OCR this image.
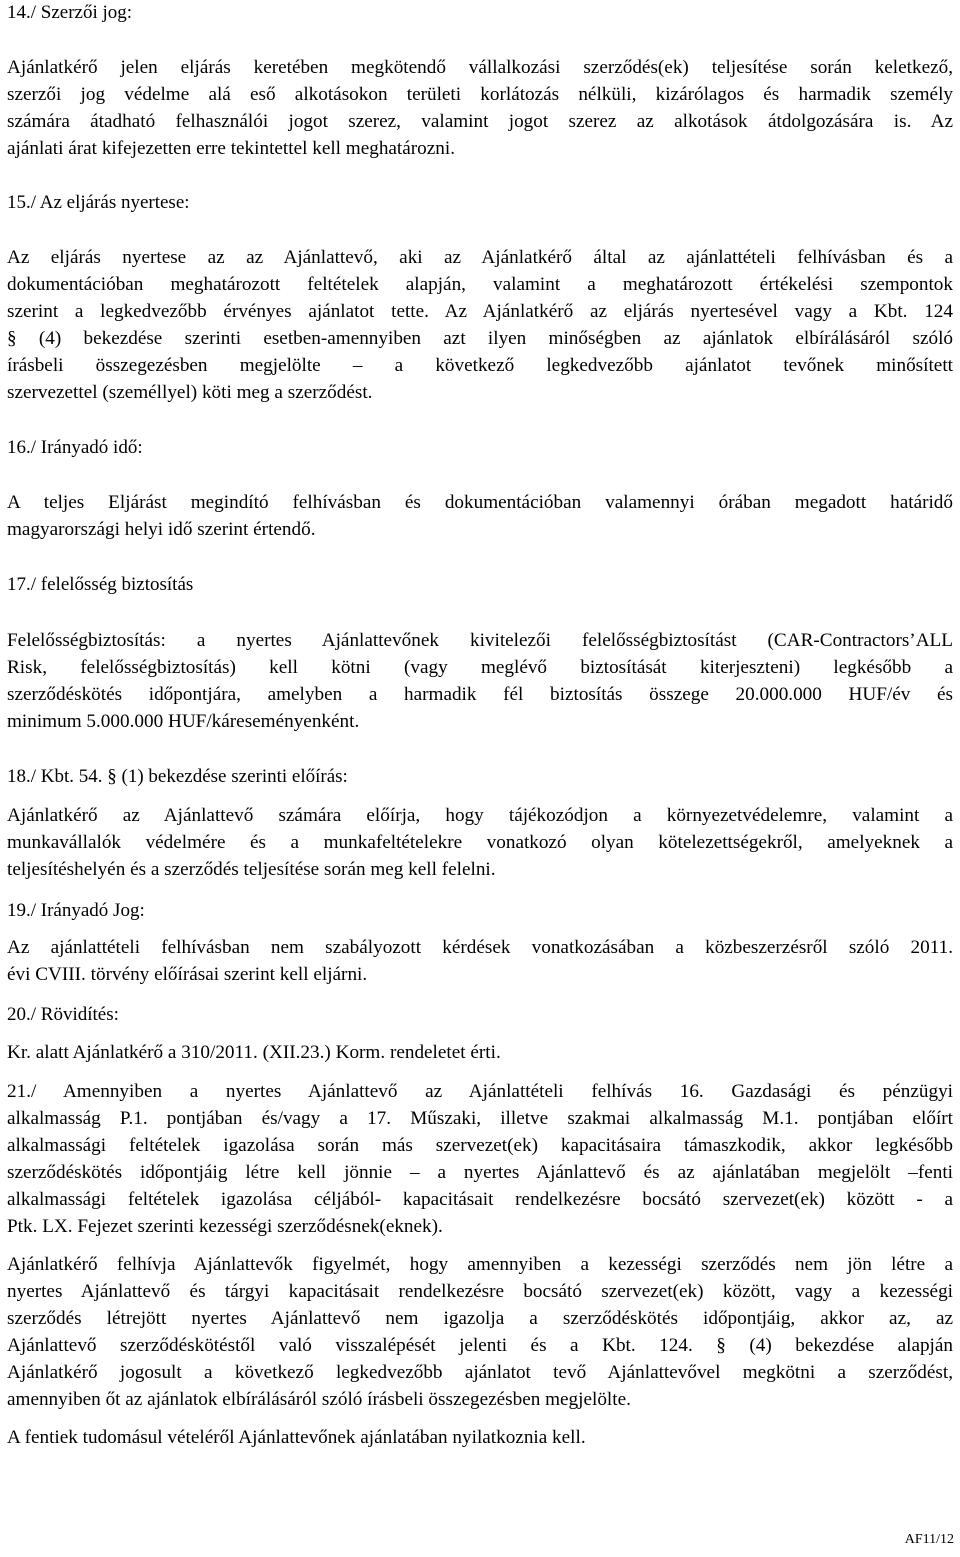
14./ Szerzői jog:
Ajánlatkérő jelen eljárás keretében megkötendő vállalkozási szerződés(ek) teljesítése során keletkező,
szerzői jog védelme alá eső alkotásokon területi korlátozás nélküli, kizárólagos és harmadik személy
számára átadható felhasználói jogot szerez, valamint jogot szerez az alkotások átdolgozására is. Az
ajánlati árat kifejezetten erre tekintettel kell meghatározni.
15./ Az eljárás nyertese:
Az eljárás nyertese az az Ajánlattevő, aki az Ajánlatkérő által az ajánlattételi felhívásban és a
dokumentációban meghatározott feltételek alapján, valamint a meghatározott értékelési szempontok
szerint a legkedvezőbb érvényes ajánlatot tette. Az Ajánlatkérő az eljárás nyertesével vagy a Kbt. 124
§ (4) bekezdése szerinti esetben-amennyiben azt ilyen minőségben az ajánlatok elbírálásáról szóló
írásbeli összegezésben megjelölte – a következő legkedvezőbb ajánlatot tevőnek minősített
szervezettel (személlyel) köti meg a szerződést.
16./ Irányadó idő:
A teljes Eljárást megindító felhívásban és dokumentációban valamennyi órában megadott határidő
magyarországi helyi idő szerint értendő.
17./ felelősség biztosítás
Felelősségbiztosítás: a nyertes Ajánlattevőnek kivitelezői felelősségbiztosítást (CAR-Contractors’ALL
Risk, felelősségbiztosítás) kell kötni (vagy meglévő biztosítását kiterjeszteni) legkésőbb a
szerződéskötés időpontjára, amelyben a harmadik fél biztosítás összege 20.000.000 HUF/év és
minimum 5.000.000 HUF/káreseményenként.
18./ Kbt. 54. § (1) bekezdése szerinti előírás:
Ajánlatkérő az Ajánlattevő számára előírja, hogy tájékozódjon a környezetvédelemre, valamint a
munkavállalók védelmére és a munkafeltételekre vonatkozó olyan kötelezettségekről, amelyeknek a
teljesítéshelyén és a szerződés teljesítése során meg kell felelni.
19./ Irányadó Jog:
Az ajánlattételi felhívásban nem szabályozott kérdések vonatkozásában a közbeszerzésről szóló 2011.
évi CVIII. törvény előírásai szerint kell eljárni.
20./ Rövidítés:
Kr. alatt Ajánlatkérő a 310/2011. (XII.23.) Korm. rendeletet érti.
21./ Amennyiben a nyertes Ajánlattevő az Ajánlattételi felhívás 16. Gazdasági és pénzügyi
alkalmasság P.1. pontjában és/vagy a 17. Műszaki, illetve szakmai alkalmasság M.1. pontjában előírt
alkalmassági feltételek igazolása során más szervezet(ek) kapacitásaira támaszkodik, akkor legkésőbb
szerződéskötés időpontjáig létre kell jönnie – a nyertes Ajánlattevő és az ajánlatában megjelölt –fenti
alkalmassági feltételek igazolása céljából- kapacitásait rendelkezésre bocsátó szervezet(ek) között - a
Ptk. LX. Fejezet szerinti kezességi szerződésnek(eknek).
Ajánlatkérő felhívja Ajánlattevők figyelmét, hogy amennyiben a kezességi szerződés nem jön létre a
nyertes Ajánlattevő és tárgyi kapacitásait rendelkezésre bocsátó szervezet(ek) között, vagy a kezességi
szerződés létrejött nyertes Ajánlattevő nem igazolja a szerződéskötés időpontjáig, akkor az, az
Ajánlattevő szerződéskötéstől való visszalépését jelenti és a Kbt. 124. § (4) bekezdése alapján
Ajánlatkérő jogosult a következő legkedvezőbb ajánlatot tevő Ajánlattevővel megkötni a szerződést,
amennyiben őt az ajánlatok elbírálásáról szóló írásbeli összegezésben megjelölte.
A fentiek tudomásul vételéről Ajánlattevőnek ajánlatában nyilatkoznia kell.
AF11/12
